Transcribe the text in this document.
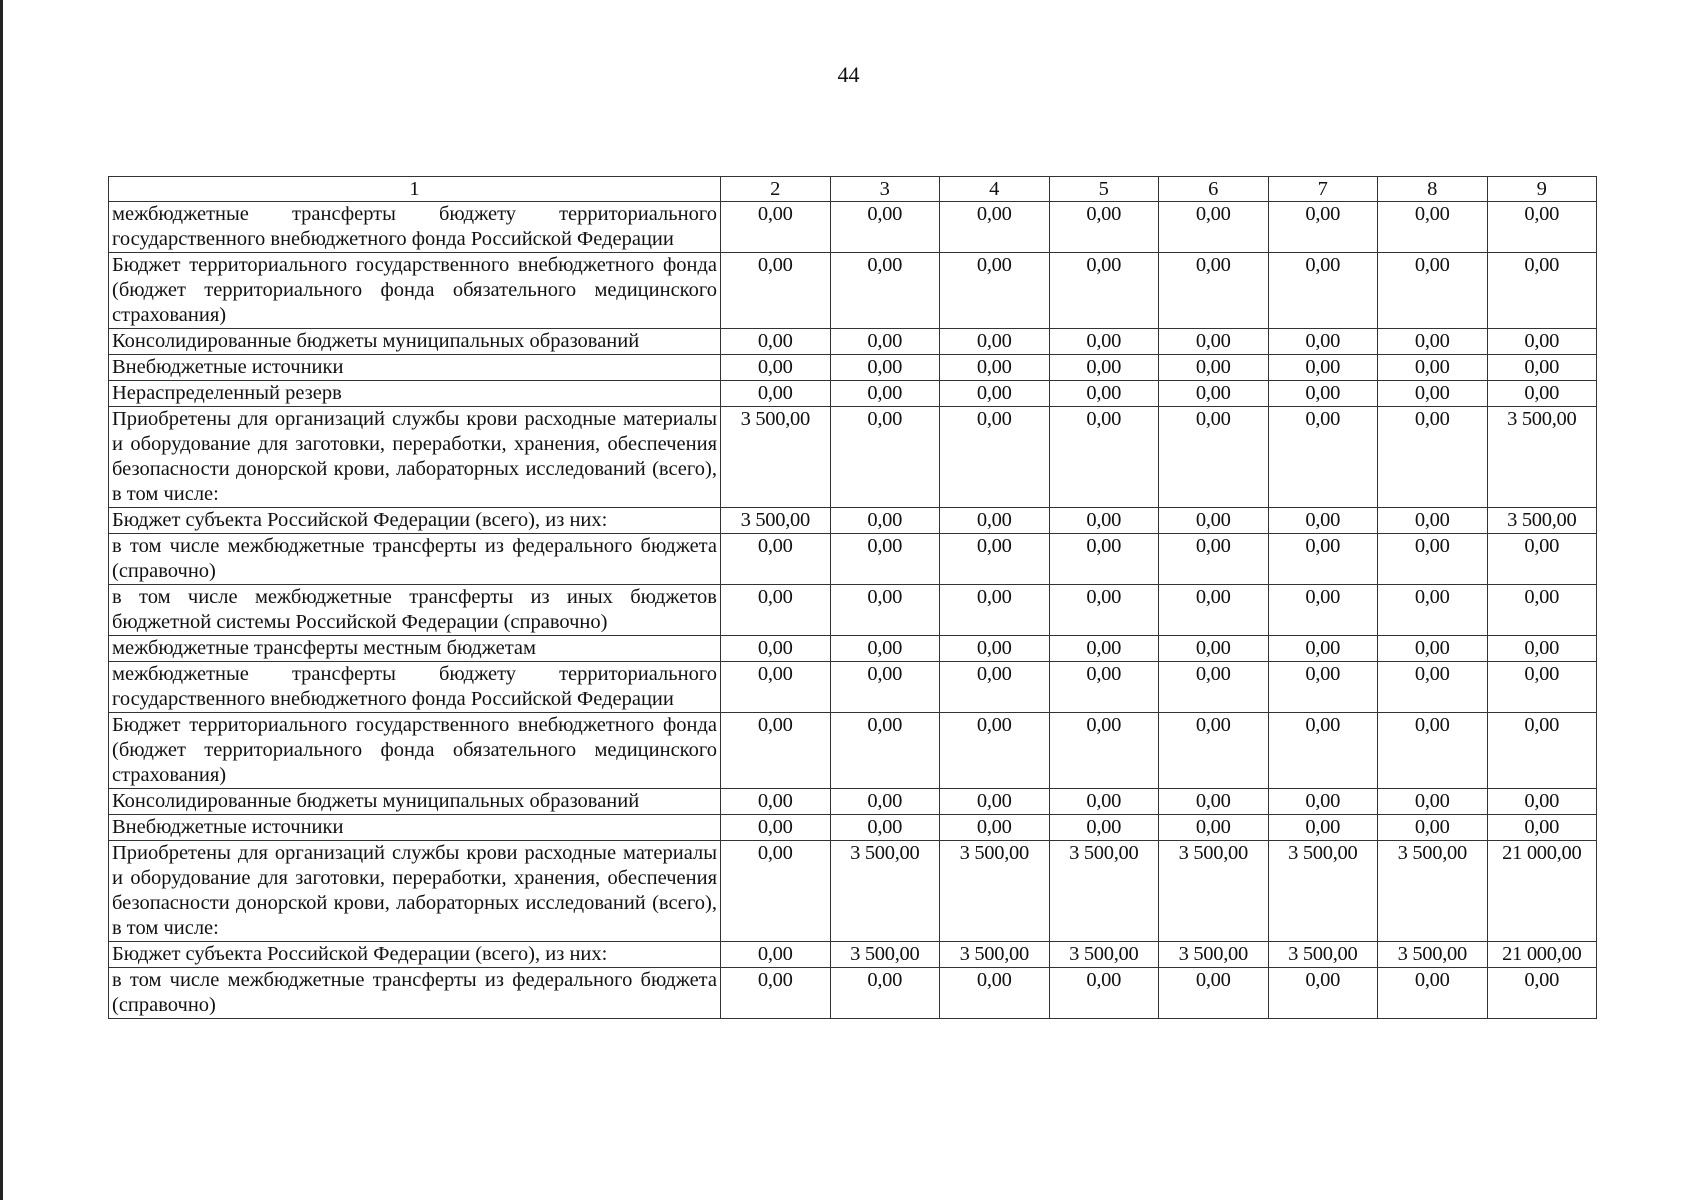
44
1	2	3	4	5	6	7	8	9
межбюджетные трансферты бюджету территориального государственного внебюджетного фонда Российской Федерации	0,00	0,00	0,00	0,00	0,00	0,00	0,00	0,00
Бюджет территориального государственного внебюджетного фонда (бюджет территориального фонда обязательного медицинского страхования)	0,00	0,00	0,00	0,00	0,00	0,00	0,00	0,00
Консолидированные бюджеты муниципальных образований	0,00	0,00	0,00	0,00	0,00	0,00	0,00	0,00
Внебюджетные источники	0,00	0,00	0,00	0,00	0,00	0,00	0,00	0,00
Нераспределенный резерв	0,00	0,00	0,00	0,00	0,00	0,00	0,00	0,00
Приобретены для организаций службы крови расходные материалы и оборудование для заготовки, переработки, хранения, обеспечения безопасности донорской крови, лабораторных исследований (всего), в том числе:	3 500,00	0,00	0,00	0,00	0,00	0,00	0,00	3 500,00
Бюджет субъекта Российской Федерации (всего), из них:	3 500,00	0,00	0,00	0,00	0,00	0,00	0,00	3 500,00
в том числе межбюджетные трансферты из федерального бюджета (справочно)	0,00	0,00	0,00	0,00	0,00	0,00	0,00	0,00
в том числе межбюджетные трансферты из иных бюджетов бюджетной системы Российской Федерации (справочно)	0,00	0,00	0,00	0,00	0,00	0,00	0,00	0,00
межбюджетные трансферты местным бюджетам	0,00	0,00	0,00	0,00	0,00	0,00	0,00	0,00
межбюджетные трансферты бюджету территориального государственного внебюджетного фонда Российской Федерации	0,00	0,00	0,00	0,00	0,00	0,00	0,00	0,00
Бюджет территориального государственного внебюджетного фонда (бюджет территориального фонда обязательного медицинского страхования)	0,00	0,00	0,00	0,00	0,00	0,00	0,00	0,00
Консолидированные бюджеты муниципальных образований	0,00	0,00	0,00	0,00	0,00	0,00	0,00	0,00
Внебюджетные источники	0,00	0,00	0,00	0,00	0,00	0,00	0,00	0,00
Приобретены для организаций службы крови расходные материалы и оборудование для заготовки, переработки, хранения, обеспечения безопасности донорской крови, лабораторных исследований (всего), в том числе:	0,00	3 500,00	3 500,00	3 500,00	3 500,00	3 500,00	3 500,00	21 000,00
Бюджет субъекта Российской Федерации (всего), из них:	0,00	3 500,00	3 500,00	3 500,00	3 500,00	3 500,00	3 500,00	21 000,00
в том числе межбюджетные трансферты из федерального бюджета (справочно)	0,00	0,00	0,00	0,00	0,00	0,00	0,00	0,00
